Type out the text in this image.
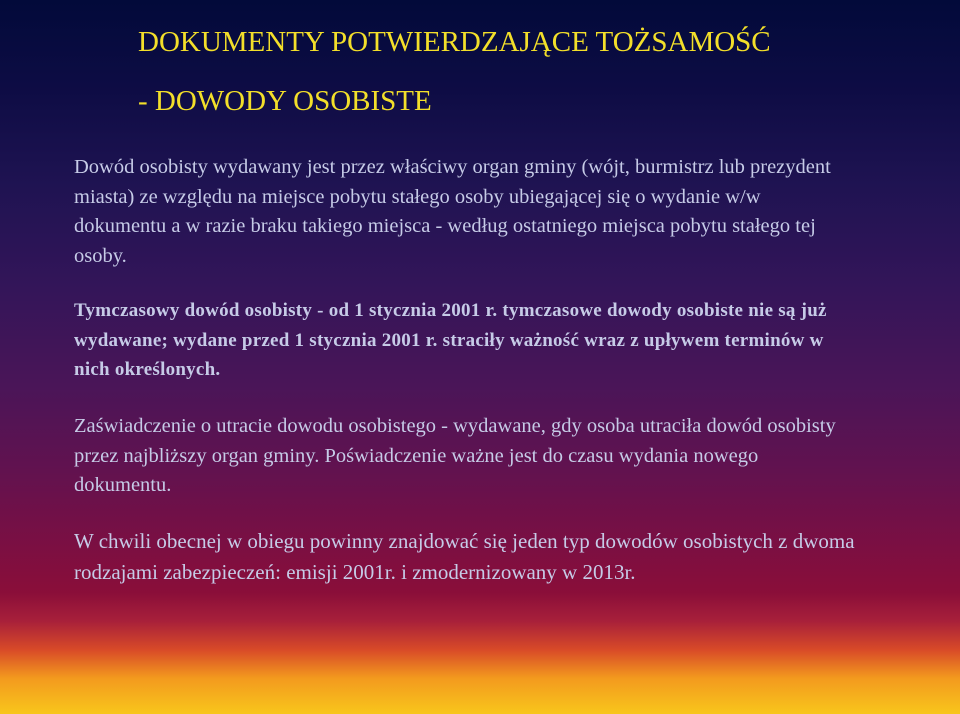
DOKUMENTY POTWIERDZAJĄCE TOŻSAMOŚĆ
- DOWODY OSOBISTE

Dowód osobisty wydawany jest przez właściwy organ gminy (wójt, burmistrz lub prezydent miasta) ze względu na miejsce pobytu stałego osoby ubiegającej się o wydanie w/w dokumentu a w razie braku takiego miejsca - według ostatniego miejsca pobytu stałego tej osoby.

Tymczasowy dowód osobisty - od 1 stycznia 2001 r. tymczasowe dowody osobiste nie są już wydawane; wydane przed 1 stycznia 2001 r. straciły ważność wraz z upływem terminów w nich określonych.

Zaświadczenie o utracie dowodu osobistego - wydawane, gdy osoba utraciła dowód osobisty przez najbliższy organ gminy. Poświadczenie ważne jest do czasu wydania nowego dokumentu.

W chwili obecnej w obiegu powinny znajdować się jeden typ dowodów osobistych z dwoma rodzajami zabezpieczeń: emisji 2001r. i zmodernizowany w 2013r.
